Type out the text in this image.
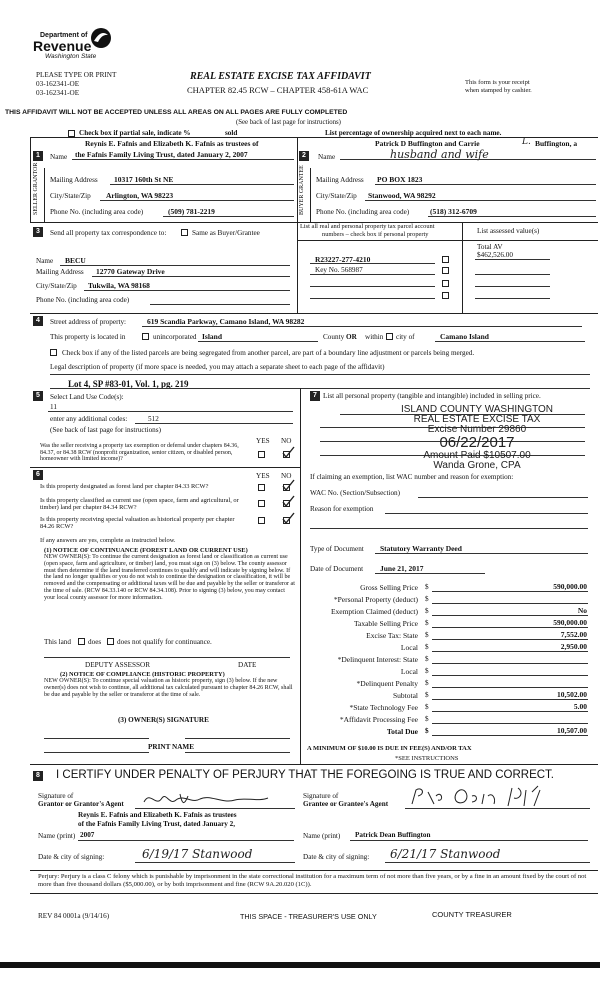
Department of
Revenue
Washington State
PLEASE TYPE OR PRINT
03-162341-OE
03-162341-OE
REAL ESTATE EXCISE TAX AFFIDAVIT
CHAPTER 82.45 RCW – CHAPTER 458-61A WAC
This form is your receipt
when stamped by cashier.
THIS AFFIDAVIT WILL NOT BE ACCEPTED UNLESS ALL AREAS ON ALL PAGES ARE FULLY COMPLETED
(See back of last page for instructions)
Check box if partial sale, indicate %	sold	List percentage of ownership acquired next to each name.
1	Name
Reynis E. Fafnis and Elizabeth K. Fafnis as trustees of
the Fafnis Family Living Trust, dated January 2, 2007
SELLER GRANTOR Mailing Address 10317 160th St NE
City/State/Zip Arlington, WA 98223
Phone No. (including area code)	(509) 781-2219
2	Name
Patrick D Buffington and Carrie	L. Buffington, a
husband and wife
BUYER GRANTEE Mailing Address PO BOX 1823
City/State/Zip Stanwood, WA 98292
Phone No. (including area code)	(518) 312-6709
3	Send all property tax correspondence to:	Same as Buyer/Grantee
List all real and personal property tax parcel account
numbers – check box if personal property	List assessed value(s)
Name BECU
Mailing Address 12770 Gateway Drive
City/State/Zip Tukwila, WA 98168
Phone No. (including area code)
R23227-277-4210
Key No. 568987
Total AV
$462,526.00
4	Street address of property:	619 Scandia Parkway, Camano Island, WA 98282
This property is located in	unincorporated Island	County OR within city of	Camano Island
Check box if any of the listed parcels are being segregated from another parcel, are part of a boundary line adjustment or parcels being merged.
Legal description of property (if more space is needed, you may attach a separate sheet to each page of the affidavit)
Lot 4, SP #83-01, Vol. 1, pg. 219
5	Select Land Use Code(s):
11
enter any additional codes:	512
(See back of last page for instructions)
YES NO
Was the seller receiving a property tax exemption or deferral under chapters 84.36, 84.37, or 84.38 RCW (nonprofit organization, senior citizen, or disabled person, homeowner with limited income)?
6	YES NO
Is this property designated as forest land per chapter 84.33 RCW?
Is this property classified as current use (open space, farm and agricultural, or timber) land per chapter 84.34 RCW?
Is this property receiving special valuation as historical property per chapter 84.26 RCW?
If any answers are yes, complete as instructed below.
(1) NOTICE OF CONTINUANCE (FOREST LAND OR CURRENT USE)
NEW OWNER(S): To continue the current designation as forest land or classification as current use (open space, farm and agriculture, or timber) land, you must sign on (3) below. The county assessor must then determine if the land transferred continues to qualify and will indicate by signing below. If the land no longer qualifies or you do not wish to continue the designation or classification, it will be removed and the compensating or additional taxes will be due and payable by the seller or transferor at the time of sale. (RCW 84.33.140 or RCW 84.34.108). Prior to signing (3) below, you may contact your local county assessor for more information.
This land does does not qualify for continuance.
DEPUTY ASSESSOR	DATE
(2) NOTICE OF COMPLIANCE (HISTORIC PROPERTY)
NEW OWNER(S): To continue special valuation as historic property, sign (3) below. If the new owner(s) does not wish to continue, all additional tax calculated pursuant to chapter 84.26 RCW, shall be due and payable by the seller or transferor at the time of sale.
(3) OWNER(S) SIGNATURE
PRINT NAME
7 List all personal property (tangible and intangible) included in selling price.
ISLAND COUNTY WASHINGTON
REAL ESTATE EXCISE TAX
Excise Number 29860
06/22/2017
Amount Paid $10507.00
Wanda Grone, CPA
If claiming an exemption, list WAC number and reason for exemption:
WAC No. (Section/Subsection)
Reason for exemption
Type of Document Statutory Warranty Deed
Date of Document June 21, 2017
Gross Selling Price $	590,000.00
*Personal Property (deduct) $
Exemption Claimed (deduct) $	No
Taxable Selling Price $	590,000.00
Excise Tax: State $	7,552.00
Local $	2,950.00
*Delinquent Interest: State $
Local $
*Delinquent Penalty $
Subtotal $	10,502.00
*State Technology Fee $	5.00
*Affidavit Processing Fee $
Total Due $	10,507.00
A MINIMUM OF $10.00 IS DUE IN FEE(S) AND/OR TAX
*SEE INSTRUCTIONS
8 I CERTIFY UNDER PENALTY OF PERJURY THAT THE FOREGOING IS TRUE AND CORRECT.
Signature of
Grantor or Grantor's Agent
Signature of
Grantee or Grantee's Agent
Reynis E. Fafnis and Elizabeth K. Fafnis as trustees
of the Fafnis Family Living Trust, dated January 2,
Name (print) 2007	Name (print) Patrick Dean Buffington
Date & city of signing:	6/19/17 Stanwood	Date & city of signing: 6/21/17 Stanwood
Perjury: Perjury is a class C felony which is punishable by imprisonment in the state correctional institution for a maximum term of not more than five years, or by a fine in an amount fixed by the court of not more than five thousand dollars ($5,000.00), or by both imprisonment and fine (RCW 9A.20.020 (1C)).
REV 84 0001a (9/14/16)	THIS SPACE - TREASURER'S USE ONLY	COUNTY TREASURER
